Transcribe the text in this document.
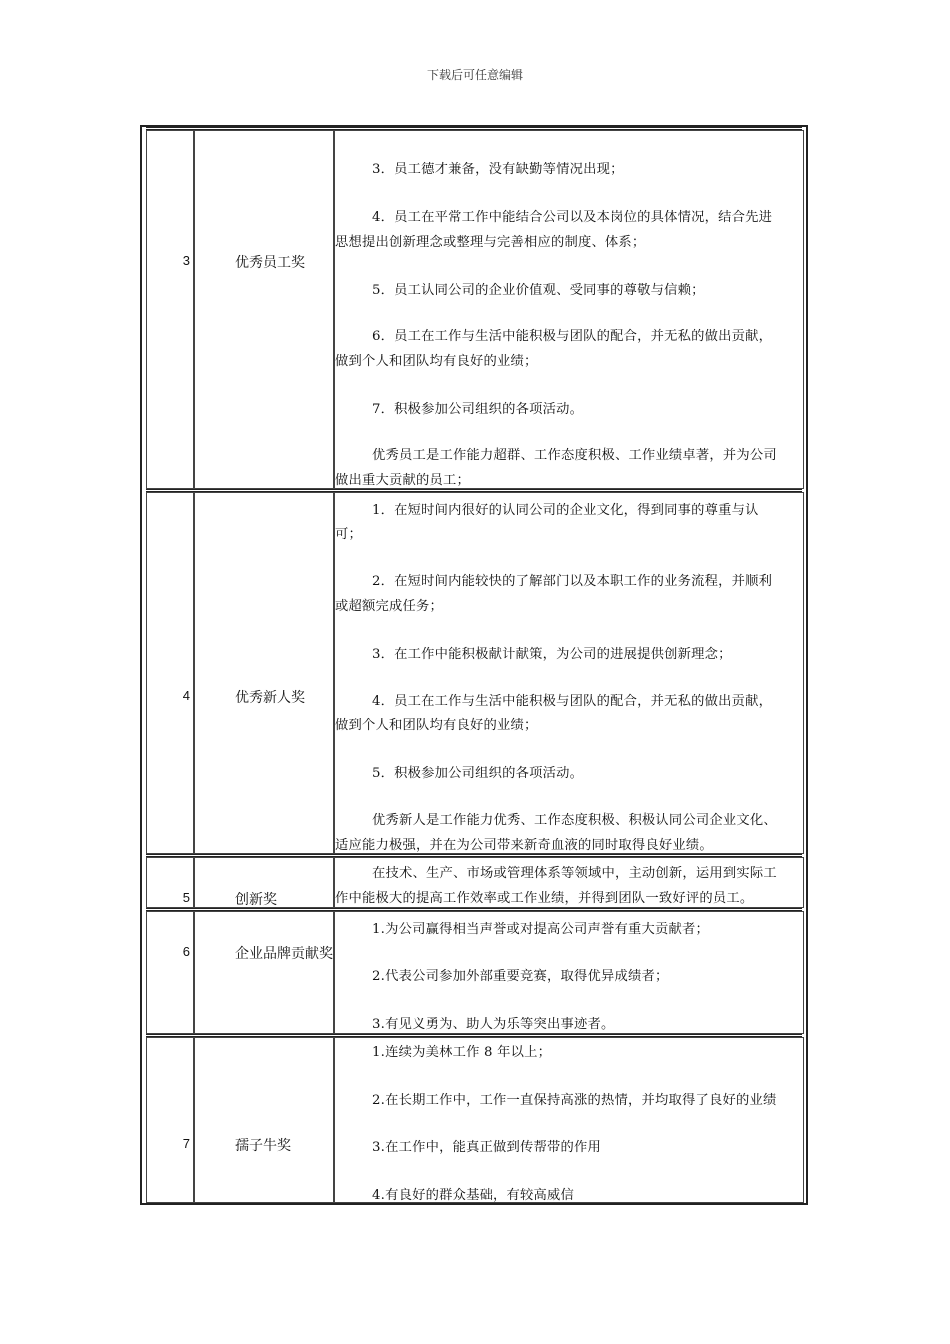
下载后可任意编辑
3	优秀员工奖
3．员工德才兼备，没有缺勤等情况出现；
4．员工在平常工作中能结合公司以及本岗位的具体情况，结合先进
思想提出创新理念或整理与完善相应的制度、体系；
5．员工认同公司的企业价值观、受同事的尊敬与信赖；
6．员工在工作与生活中能积极与团队的配合，并无私的做出贡献，
做到个人和团队均有良好的业绩；
7．积极参加公司组织的各项活动。
优秀员工是工作能力超群、工作态度积极、工作业绩卓著，并为公司
做出重大贡献的员工；
4	优秀新人奖
1．在短时间内很好的认同公司的企业文化，得到同事的尊重与认
可；
2．在短时间内能较快的了解部门以及本职工作的业务流程，并顺利
或超额完成任务；
3．在工作中能积极献计献策，为公司的进展提供创新理念；
4．员工在工作与生活中能积极与团队的配合，并无私的做出贡献，
做到个人和团队均有良好的业绩；
5．积极参加公司组织的各项活动。
优秀新人是工作能力优秀、工作态度积极、积极认同公司企业文化、
适应能力极强，并在为公司带来新奇血液的同时取得良好业绩。
5	创新奖
在技术、生产、市场或管理体系等领域中，主动创新，运用到实际工
作中能极大的提高工作效率或工作业绩，并得到团队一致好评的员工。
6	企业品牌贡献奖
1.为公司赢得相当声誉或对提高公司声誉有重大贡献者；
2.代表公司参加外部重要竞赛，取得优异成绩者；
3.有见义勇为、助人为乐等突出事迹者。
7	孺子牛奖
1.连续为美林工作 8 年以上；
2.在长期工作中，工作一直保持高涨的热情，并均取得了良好的业绩
3.在工作中，能真正做到传帮带的作用
4.有良好的群众基础，有较高威信
